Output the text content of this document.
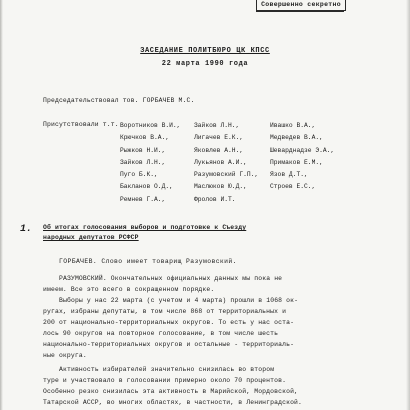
Совершенно секретно
ЗАСЕДАНИЕ ПОЛИТБЮРО ЦК КПСС
22 марта 1990 года
Председательствовал тов. ГОРБАЧЕВ М.С.
Присутствовали т.т. Воротников В.И.,
Крючков В.А.,
Рыжков Н.И.,
Зайков Л.Н.,
Пуго Б.К.,
Бакланов О.Д.,
Ремнев Г.А.,
Зайков Л.Н.,
Лигачев Е.К.,
Яковлев А.Н.,
Лукьянов А.И.,
Разумовский Г.П.,
Маслюков Ю.Д.,
Фролов И.Т.
Ивашко В.А.,
Медведев В.А.,
Шеварднадзе Э.А.,
Примаков Е.М.,
Язов Д.Т.,
Строев Е.С.,
1. Об итогах голосования выборов и подготовке к Съезду
народных депутатов РСФСР
ГОРБАЧЕВ. Слово имеет товарищ Разумовский.
РАЗУМОВСКИЙ. Окончательных официальных данных мы пока не
имеем. Все это всего в сокращенном порядке.
Выборы у нас 22 марта (с учетом и 4 марта) прошли в 1068 ок-
ругах, избраны депутаты, в том числе 868 от территориальных и
200 от национально-территориальных округов. То есть у нас оста-
лось 90 округов на повторное голосование, в том числе шесть
национально-территориальных округов и остальные - территориаль-
ные округа.
Активность избирателей значительно снизилась во втором
туре и участвовало в голосовании примерно около 70 процентов.
Особенно резко снизилась эта активность в Марийской, Мордовской,
Татарской АССР, во многих областях, в частности, в Ленинградской.
